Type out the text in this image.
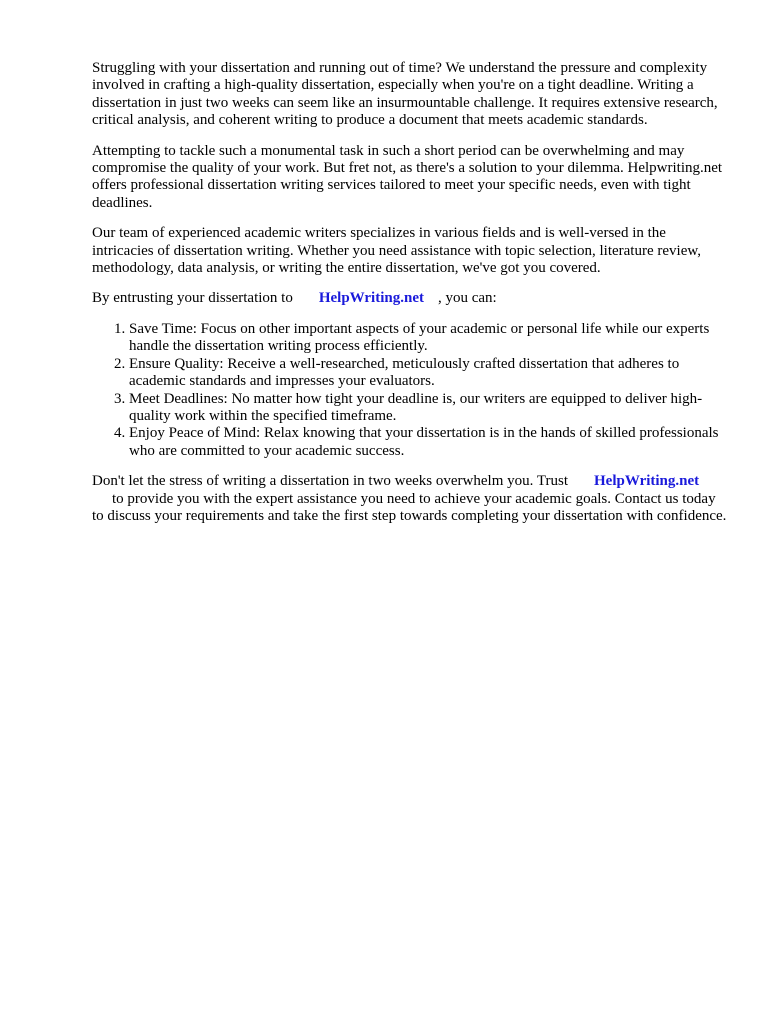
Struggling with your dissertation and running out of time? We understand the pressure and complexity involved in crafting a high-quality dissertation, especially when you're on a tight deadline. Writing a dissertation in just two weeks can seem like an insurmountable challenge. It requires extensive research, critical analysis, and coherent writing to produce a document that meets academic standards.

Attempting to tackle such a monumental task in such a short period can be overwhelming and may compromise the quality of your work. But fret not, as there's a solution to your dilemma. Helpwriting.net offers professional dissertation writing services tailored to meet your specific needs, even with tight deadlines.

Our team of experienced academic writers specializes in various fields and is well-versed in the intricacies of dissertation writing. Whether you need assistance with topic selection, literature review, methodology, data analysis, or writing the entire dissertation, we've got you covered.

By entrusting your dissertation to HelpWriting.net , you can:

1. Save Time: Focus on other important aspects of your academic or personal life while our experts handle the dissertation writing process efficiently.
2. Ensure Quality: Receive a well-researched, meticulously crafted dissertation that adheres to academic standards and impresses your evaluators.
3. Meet Deadlines: No matter how tight your deadline is, our writers are equipped to deliver high-quality work within the specified timeframe.
4. Enjoy Peace of Mind: Relax knowing that your dissertation is in the hands of skilled professionals who are committed to your academic success.

Don't let the stress of writing a dissertation in two weeks overwhelm you. Trust HelpWriting.net
to provide you with the expert assistance you need to achieve your academic goals. Contact us today to discuss your requirements and take the first step towards completing your dissertation with confidence.
